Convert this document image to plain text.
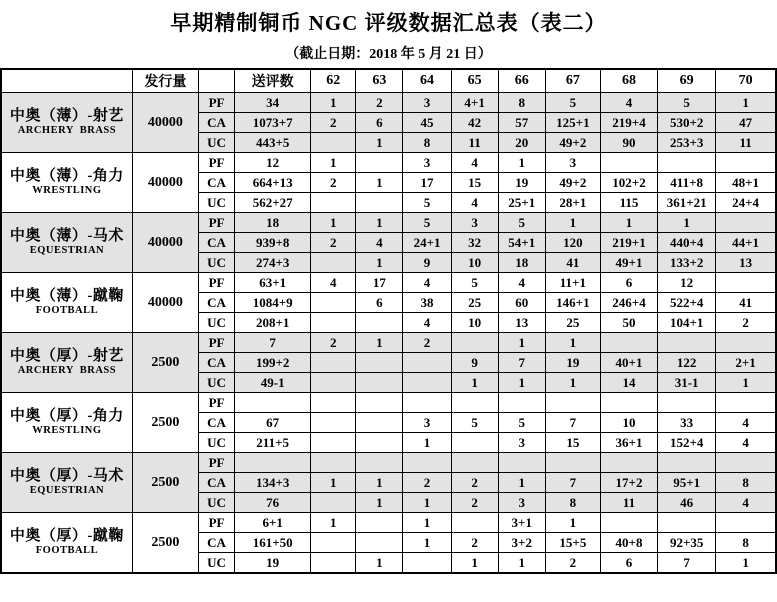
早期精制铜币 NGC 评级数据汇总表（表二）
（截止日期：2018 年 5 月 21 日）
	发行量		送评数	62	63	64	65	66	67	68	69	70

中奥（薄）-射艺
ARCHERY  BRASS	40000	PF	34	1	2	3	4+1	8	5	4	5	1
		CA	1073+7	2	6	45	42	57	125+1	219+4	530+2	47
		UC	443+5		1	8	11	20	49+2	90	253+3	11

中奥（薄）-角力
WRESTLING	40000	PF	12	1		3	4	1	3			
		CA	664+13	2	1	17	15	19	49+2	102+2	411+8	48+1
		UC	562+27			5	4	25+1	28+1	115	361+21	24+4

中奥（薄）-马术
EQUESTRIAN	40000	PF	18	1	1	5	3	5	1	1	1	
		CA	939+8	2	4	24+1	32	54+1	120	219+1	440+4	44+1
		UC	274+3		1	9	10	18	41	49+1	133+2	13

中奥（薄）-蹴鞠
FOOTBALL	40000	PF	63+1	4	17	4	5	4	11+1	6	12	
		CA	1084+9		6	38	25	60	146+1	246+4	522+4	41
		UC	208+1			4	10	13	25	50	104+1	2

中奥（厚）-射艺
ARCHERY  BRASS	2500	PF	7	2	1	2		1	1			
		CA	199+2				9	7	19	40+1	122	2+1
		UC	49-1				1	1	1	14	31-1	1

中奥（厚）-角力
WRESTLING	2500	PF										
		CA	67			3	5	5	7	10	33	4
		UC	211+5			1		3	15	36+1	152+4	4

中奥（厚）-马术
EQUESTRIAN	2500	PF										
		CA	134+3	1	1	2	2	1	7	17+2	95+1	8
		UC	76		1	1	2	3	8	11	46	4

中奥（厚）-蹴鞠
FOOTBALL	2500	PF	6+1	1		1		3+1	1			
		CA	161+50			1	2	3+2	15+5	40+8	92+35	8
		UC	19		1		1	1	2	6	7	1
